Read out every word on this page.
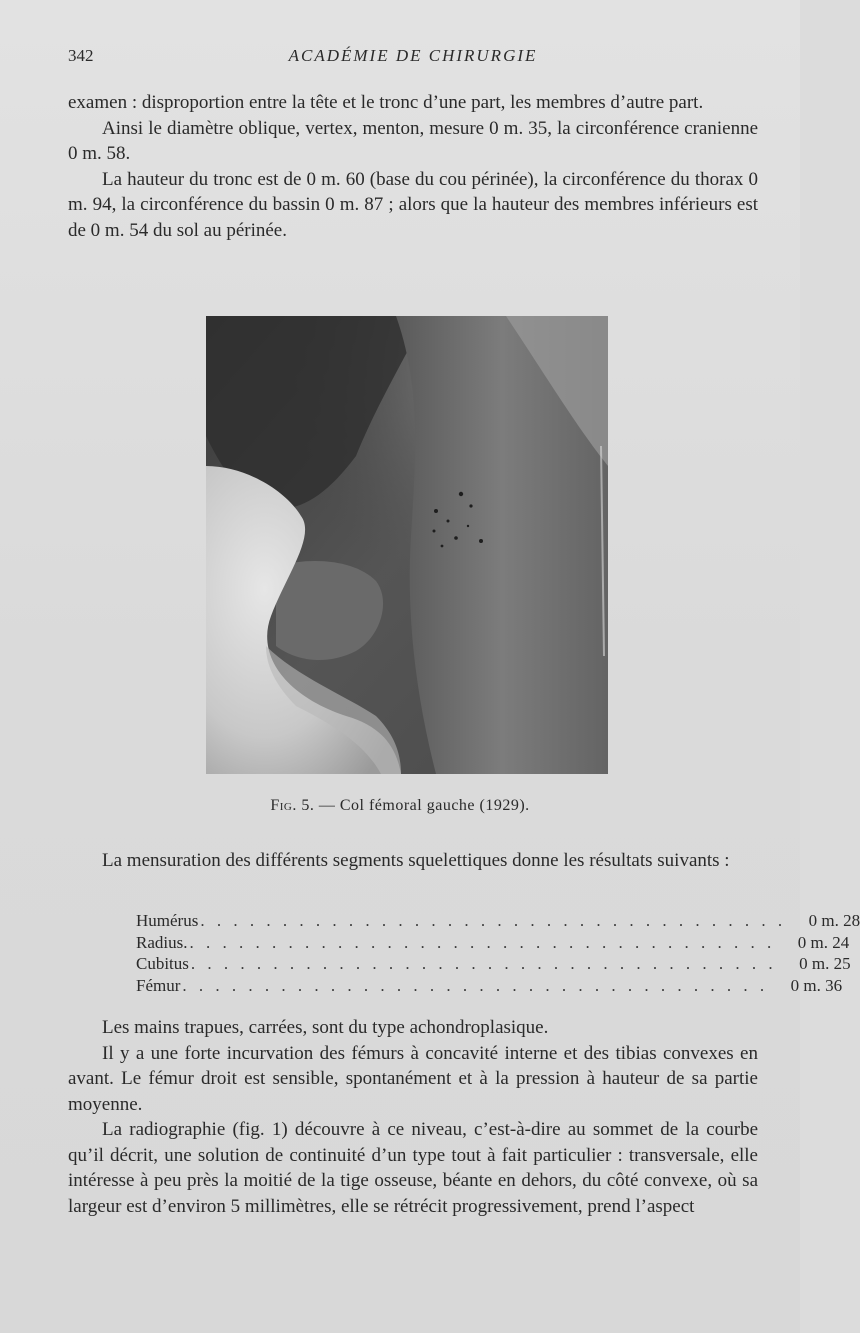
342	ACADÉMIE DE CHIRURGIE

examen : disproportion entre la tête et le tronc d’une part, les membres d’autre part.

Ainsi le diamètre oblique, vertex, menton, mesure 0 m. 35, la circonférence cranienne 0 m. 58.

La hauteur du tronc est de 0 m. 60 (base du cou périnée), la circonférence du thorax 0 m. 94, la circonférence du bassin 0 m. 87 ; alors que la hauteur des membres inférieurs est de 0 m. 54 du sol au périnée.

Fig. 5. — Col fémoral gauche (1929).

La mensuration des différents segments squelettiques donne les résultats suivants :

Humérus . . . . . . . . . . . . . . . . . . . . . . . . . . . . . . . . . . . .	0 m. 28
Radius. . . . . . . . . . . . . . . . . . . . . . . . . . . . . . . . . . . . .	0 m. 24
Cubitus . . . . . . . . . . . . . . . . . . . . . . . . . . . . . . . . . . . .	0 m. 25
Fémur . . . . . . . . . . . . . . . . . . . . . . . . . . . . . . . . . . . .	0 m. 36

Les mains trapues, carrées, sont du type achondroplasique.

Il y a une forte incurvation des fémurs à concavité interne et des tibias convexes en avant. Le fémur droit est sensible, spontanément et à la pression à hauteur de sa partie moyenne.

La radiographie (fig. 1) découvre à ce niveau, c’est-à-dire au sommet de la courbe qu’il décrit, une solution de continuité d’un type tout à fait particulier : transversale, elle intéresse à peu près la moitié de la tige osseuse, béante en dehors, du côté convexe, où sa largeur est d’environ 5 millimètres, elle se rétrécit progressivement, prend l’aspect
